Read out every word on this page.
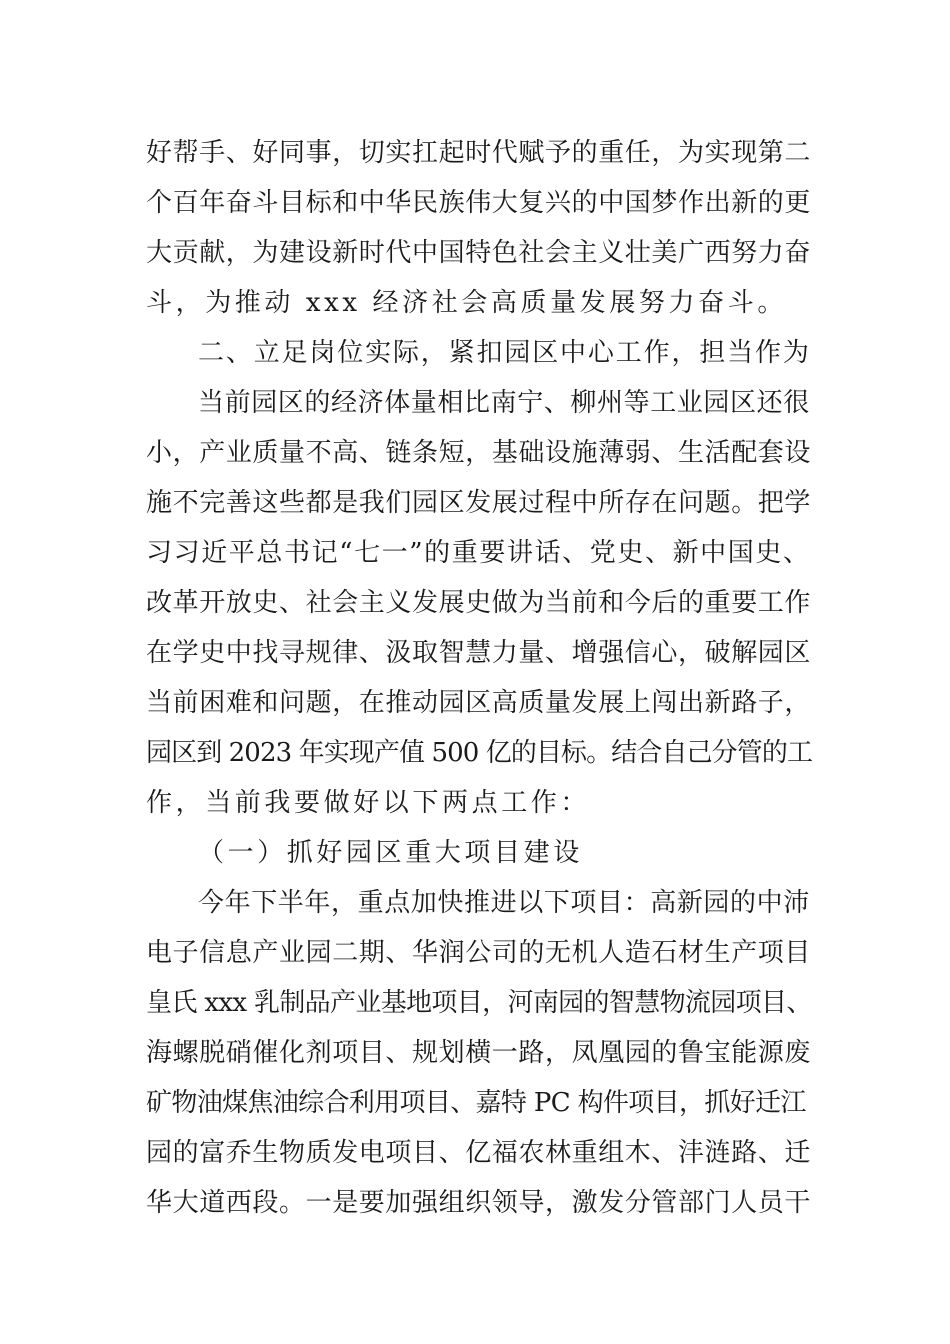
好帮手、好同事，切实扛起时代赋予的重任，为实现第二
个百年奋斗目标和中华民族伟大复兴的中国梦作出新的更
大贡献，为建设新时代中国特色社会主义壮美广西努力奋
斗，为推动 xxx 经济社会高质量发展努力奋斗。
二、立足岗位实际，紧扣园区中心工作，担当作为
当前园区的经济体量相比南宁、柳州等工业园区还很
小，产业质量不高、链条短，基础设施薄弱、生活配套设
施不完善这些都是我们园区发展过程中所存在问题。把学
习习近平总书记“七一”的重要讲话、党史、新中国史、
改革开放史、社会主义发展史做为当前和今后的重要工作
在学史中找寻规律、汲取智慧力量、增强信心，破解园区
当前困难和问题，在推动园区高质量发展上闯出新路子，
园区到 2023 年实现产值 500 亿的目标。结合自己分管的工
作，当前我要做好以下两点工作：
（一）抓好园区重大项目建设
今年下半年，重点加快推进以下项目：高新园的中沛
电子信息产业园二期、华润公司的无机人造石材生产项目
皇氏 xxx 乳制品产业基地项目，河南园的智慧物流园项目、
海螺脱硝催化剂项目、规划横一路，凤凰园的鲁宝能源废
矿物油煤焦油综合利用项目、嘉特 PC 构件项目，抓好迁江
园的富乔生物质发电项目、亿福农林重组木、沣涟路、迁
华大道西段。一是要加强组织领导，激发分管部门人员干
